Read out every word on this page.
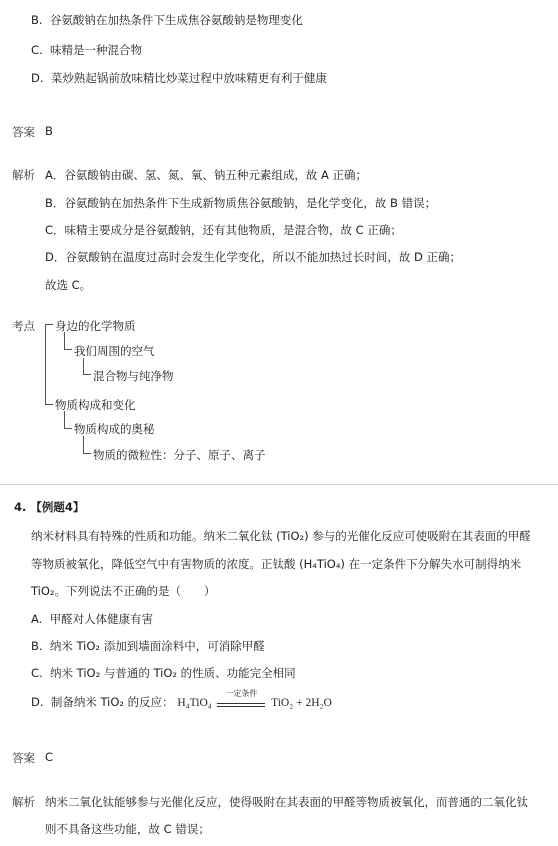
B. 谷氨酸钠在加热条件下生成焦谷氨酸钠是物理变化
C. 味精是一种混合物
D. 菜炒熟起锅前放味精比炒菜过程中放味精更有利于健康
答案 B
解析 A．谷氨酸钠由碳、氢、氮、氧、钠五种元素组成，故 A 正确；
B．谷氨酸钠在加热条件下生成新物质焦谷氨酸钠，是化学变化，故 B 错误；
C．味精主要成分是谷氨酸钠，还有其他物质，是混合物，故 C 正确；
D．谷氨酸钠在温度过高时会发生化学变化，所以不能加热过长时间，故 D 正确；
故选 C。
考点 身边的化学物质
我们周围的空气
混合物与纯净物
物质构成和变化
物质构成的奥秘
物质的微粒性：分子、原子、离子
4. 【例题4】
纳米材料具有特殊的性质和功能。纳米二氧化钛 (TiO₂) 参与的光催化反应可使吸附在其表面的甲醛
等物质被氧化，降低空气中有害物质的浓度。正钛酸 (H₄TiO₄) 在一定条件下分解失水可制得纳米
TiO₂。下列说法不正确的是（　　）
A. 甲醛对人体健康有害
B. 纳米 TiO₂ 添加到墙面涂料中，可消除甲醛
C. 纳米 TiO₂ 与普通的 TiO₂ 的性质、功能完全相同
D. 制备纳米 TiO₂ 的反应： H₄TiO₄
一定条件
TiO₂ + 2H₂O
答案 C
解析 纳米二氧化钛能够参与光催化反应，使得吸附在其表面的甲醛等物质被氧化，而普通的二氧化钛
则不具备这些功能，故 C 错误；
